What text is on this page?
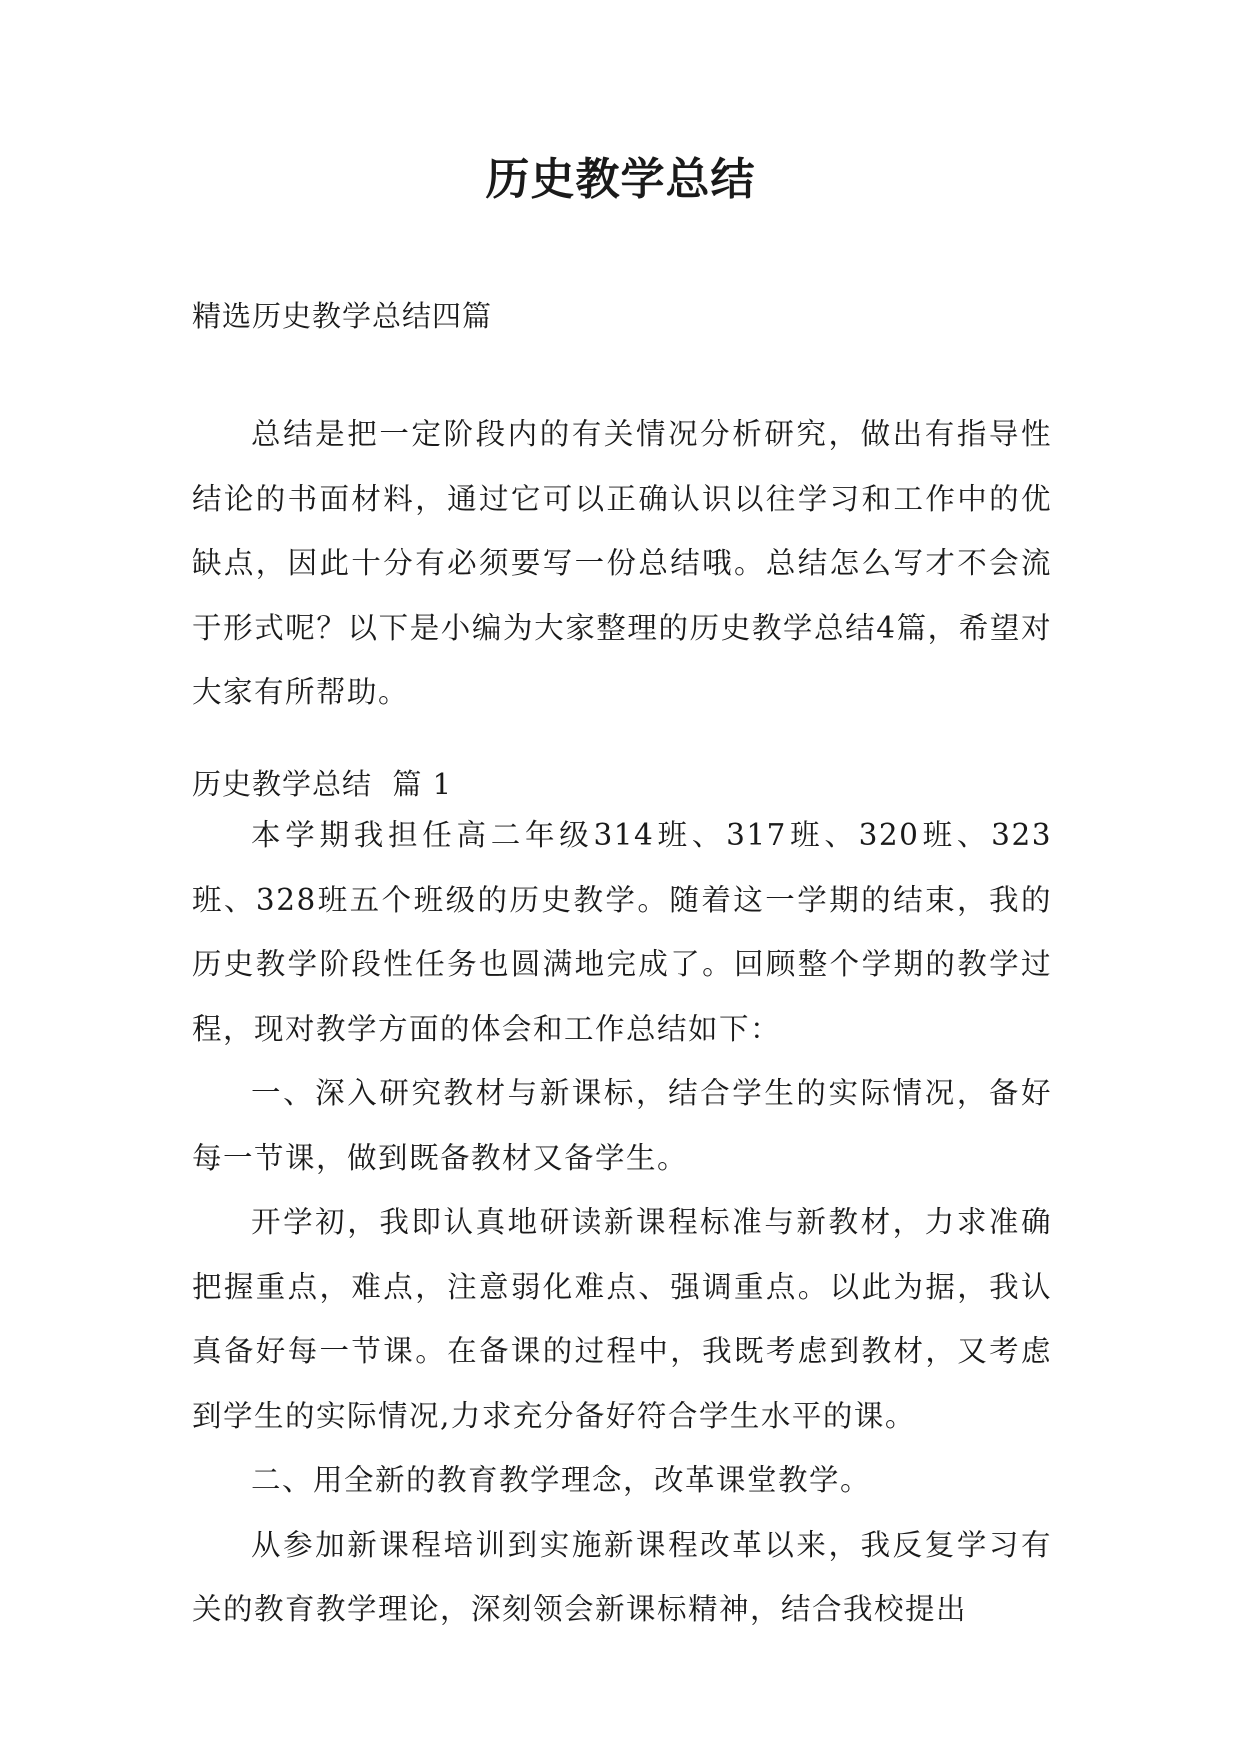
历史教学总结
精选历史教学总结四篇

总结是把一定阶段内的有关情况分析研究，做出有指导性结论的书面材料，通过它可以正确认识以往学习和工作中的优缺点，因此十分有必须要写一份总结哦。总结怎么写才不会流于形式呢？以下是小编为大家整理的历史教学总结4篇，希望对大家有所帮助。

历史教学总结  篇 1

本学期我担任高二年级314班、317班、320班、323班、328班五个班级的历史教学。随着这一学期的结束，我的历史教学阶段性任务也圆满地完成了。回顾整个学期的教学过程，现对教学方面的体会和工作总结如下：

一、深入研究教材与新课标，结合学生的实际情况，备好每一节课，做到既备教材又备学生。

开学初，我即认真地研读新课程标准与新教材，力求准确把握重点，难点，注意弱化难点、强调重点。以此为据，我认真备好每一节课。在备课的过程中，我既考虑到教材，又考虑到学生的实际情况,力求充分备好符合学生水平的课。

二、用全新的教育教学理念，改革课堂教学。

从参加新课程培训到实施新课程改革以来，我反复学习有关的教育教学理论，深刻领会新课标精神，结合我校提出
